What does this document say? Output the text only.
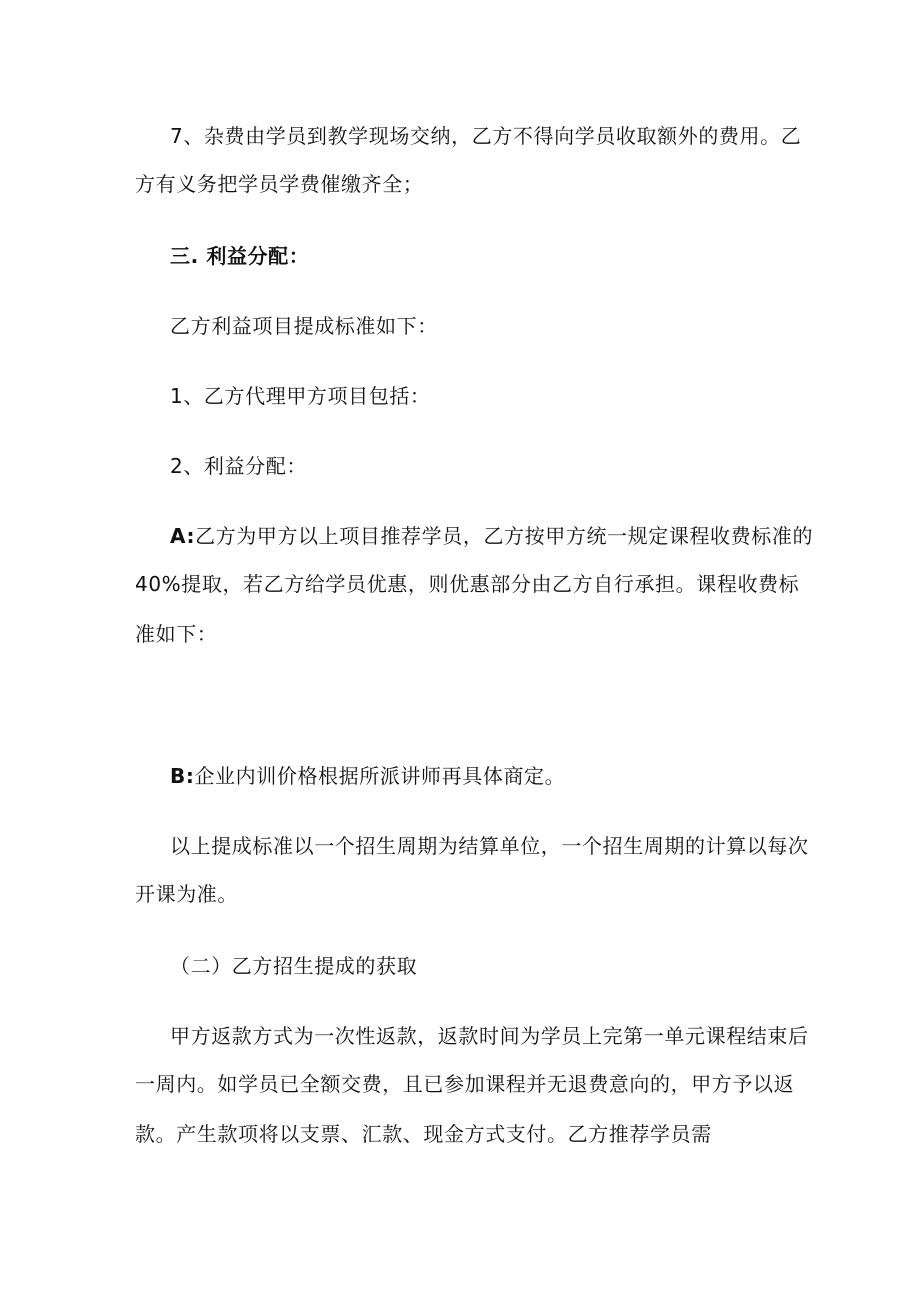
7、杂费由学员到教学现场交纳，乙方不得向学员收取额外的费用。乙
方有义务把学员学费催缴齐全；
三. 利益分配：
乙方利益项目提成标准如下：
1、乙方代理甲方项目包括：
2、利益分配：
A:乙方为甲方以上项目推荐学员，乙方按甲方统一规定课程收费标准的
40%提取，若乙方给学员优惠，则优惠部分由乙方自行承担。课程收费标
准如下：
B:企业内训价格根据所派讲师再具体商定。
以上提成标准以一个招生周期为结算单位，一个招生周期的计算以每次
开课为准。
（二）乙方招生提成的获取
甲方返款方式为一次性返款，返款时间为学员上完第一单元课程结束后
一周内。如学员已全额交费，且已参加课程并无退费意向的，甲方予以返
款。产生款项将以支票、汇款、现金方式支付。乙方推荐学员需
